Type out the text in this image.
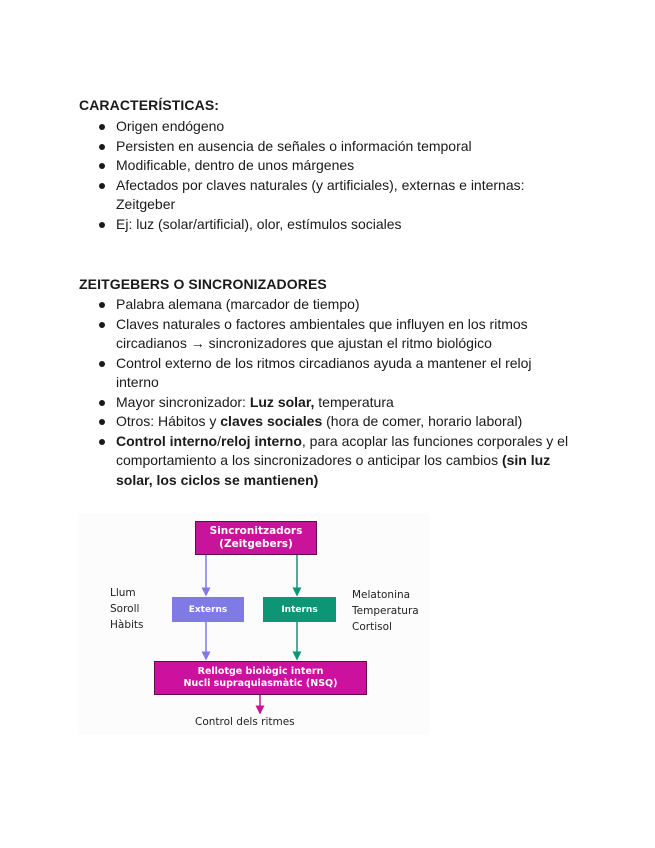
CARACTERÍSTICAS:
Origen endógeno
Persisten en ausencia de señales o información temporal
Modificable, dentro de unos márgenes
Afectados por claves naturales (y artificiales), externas e internas: Zeitgeber
Ej: luz (solar/artificial), olor, estímulos sociales
ZEITGEBERS O SINCRONIZADORES
Palabra alemana (marcador de tiempo)
Claves naturales o factores ambientales que influyen en los ritmos circadianos → sincronizadores que ajustan el ritmo biológico
Control externo de los ritmos circadianos ayuda a mantener el reloj interno
Mayor sincronizador: Luz solar, temperatura
Otros: Hábitos y claves sociales (hora de comer, horario laboral)
Control interno/reloj interno, para acoplar las funciones corporales y el comportamiento a los sincronizadores o anticipar los cambios (sin luz solar, los ciclos se mantienen)
Sincronitzadors
(Zeitgebers)
Externs	Interns
Llum
Soroll
Hàbits
Melatonina
Temperatura
Cortisol
Rellotge biològic intern
Nucli supraquiasmàtic (NSQ)
Control dels ritmes
